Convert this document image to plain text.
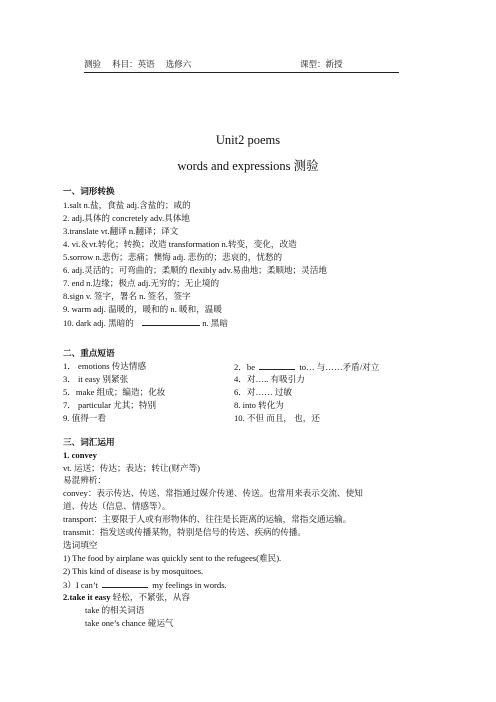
测验 科目：英语 选修六	课型：新授
Unit2 poems
words and expressions 测验
一、词形转换
1.salt n.盐，食盐 adj.含盐的；咸的
2. adj.具体的 concretely adv.具体地
3.translate vt.翻译 n.翻译；译文
4. vi.＆vt.转化；转换；改造 transformation n.转变，变化，改造
5.sorrow n.悲伤；悲痛；懊悔 adj. 悲伤的；悲哀的，忧愁的
6. adj.灵活的；可弯曲的；柔顺的 flexibly adv.易曲地；柔顺地；灵活地
7. end n.边缘；极点 adj.无穷的；无止境的
8.sign v. 签字，署名 n. 签名，签字
9. warm adj. 温暖的，暖和的 n. 暖和，温暖
10. dark adj. 黑暗的	n. 黑暗
二、重点短语
1． emotions 传达情感	2．be	to… 与……矛盾/对立
3． it easy 别紧张	4．对….. 有吸引力
5．make 组成；编造；化妆	6．对…… 过敏
7． particular 尤其；特别	8. into 转化为
9. 值得一看	10. 不但 而且， 也，还
三、词汇运用
1. convey
vt. 运送；传达；表达；转让(财产等)
易混辨析：
convey：表示传达、传送、常指通过媒介传递、传送。也常用来表示交流、使知
道、传达（信息、情感等）。
transport：主要限于人或有形物体的、往往是长距离的运输，常指交通运输。
transmit：指发送或传播某物，特别是信号的传送、疾病的传播。
选词填空
1) The food by airplane was quickly sent to the refugees(难民).
2) This kind of disease is by mosquitoes.
3）I can’t	my feelings in words.
2.take it easy 轻松，不紧张，从容
take 的相关词语
take one’s chance 碰运气
